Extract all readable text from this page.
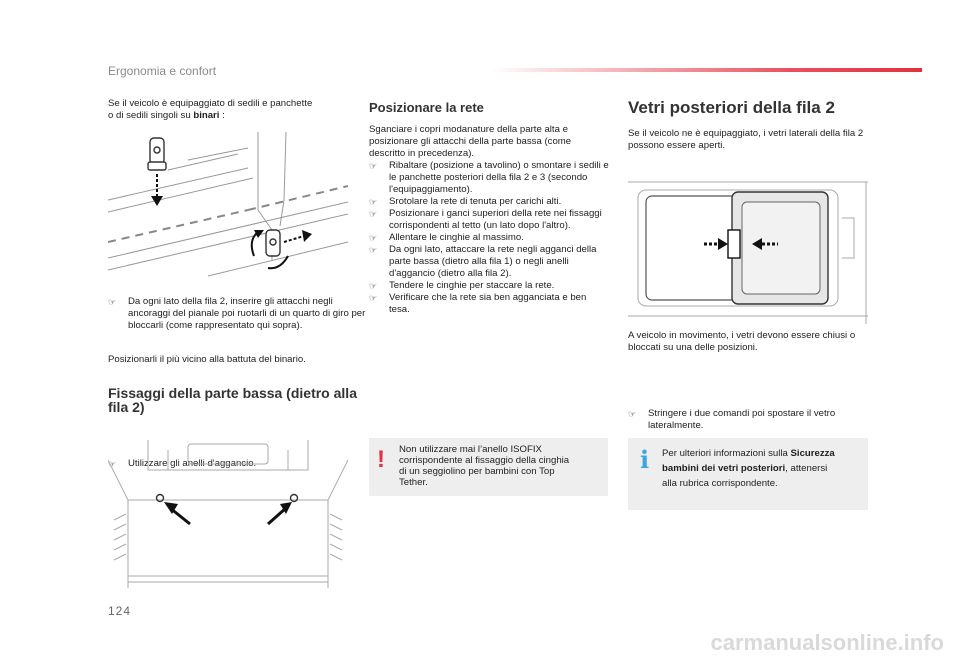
Ergonomia e confort
Se il veicolo è equipaggiato di sedili e panchette o di sedili singoli su binari :
☞ Da ogni lato della fila 2, inserire gli attacchi negli ancoraggi del pianale poi ruotarli di un quarto di giro per bloccarli (come rappresentato qui sopra).
Posizionarli il più vicino alla battuta del binario.
Fissaggi della parte bassa (dietro alla fila 2)
☞ Utilizzare gli anelli d'aggancio.
Posizionare la rete
Sganciare i copri modanature della parte alta e posizionare gli attacchi della parte bassa (come descritto in precedenza).
☞ Ribaltare (posizione a tavolino) o smontare i sedili e le panchette posteriori della fila 2 e 3 (secondo l'equipaggiamento).
☞ Srotolare la rete di tenuta per carichi alti.
☞ Posizionare i ganci superiori della rete nei fissaggi corrispondenti al tetto (un lato dopo l'altro).
☞ Allentare le cinghie al massimo.
☞ Da ogni lato, attaccare la rete negli agganci della parte bassa (dietro alla fila 1) o negli anelli d'aggancio (dietro alla fila 2).
☞ Tendere le cinghie per staccare la rete.
☞ Verificare che la rete sia ben agganciata e ben tesa.
! Non utilizzare mai l’anello ISOFIX corrispondente al fissaggio della cinghia di un seggiolino per bambini con Top Tether.
Vetri posteriori della fila 2
Se il veicolo ne è equipaggiato, i vetri laterali della fila 2 possono essere aperti.
A veicolo in movimento, i vetri devono essere chiusi o bloccati su una delle posizioni.
☞ Stringere i due comandi poi spostare il vetro lateralmente.
i Per ulteriori informazioni sulla Sicurezza bambini dei vetri posteriori, attenersi alla rubrica corrispondente.
124
carmanualsonline.info
